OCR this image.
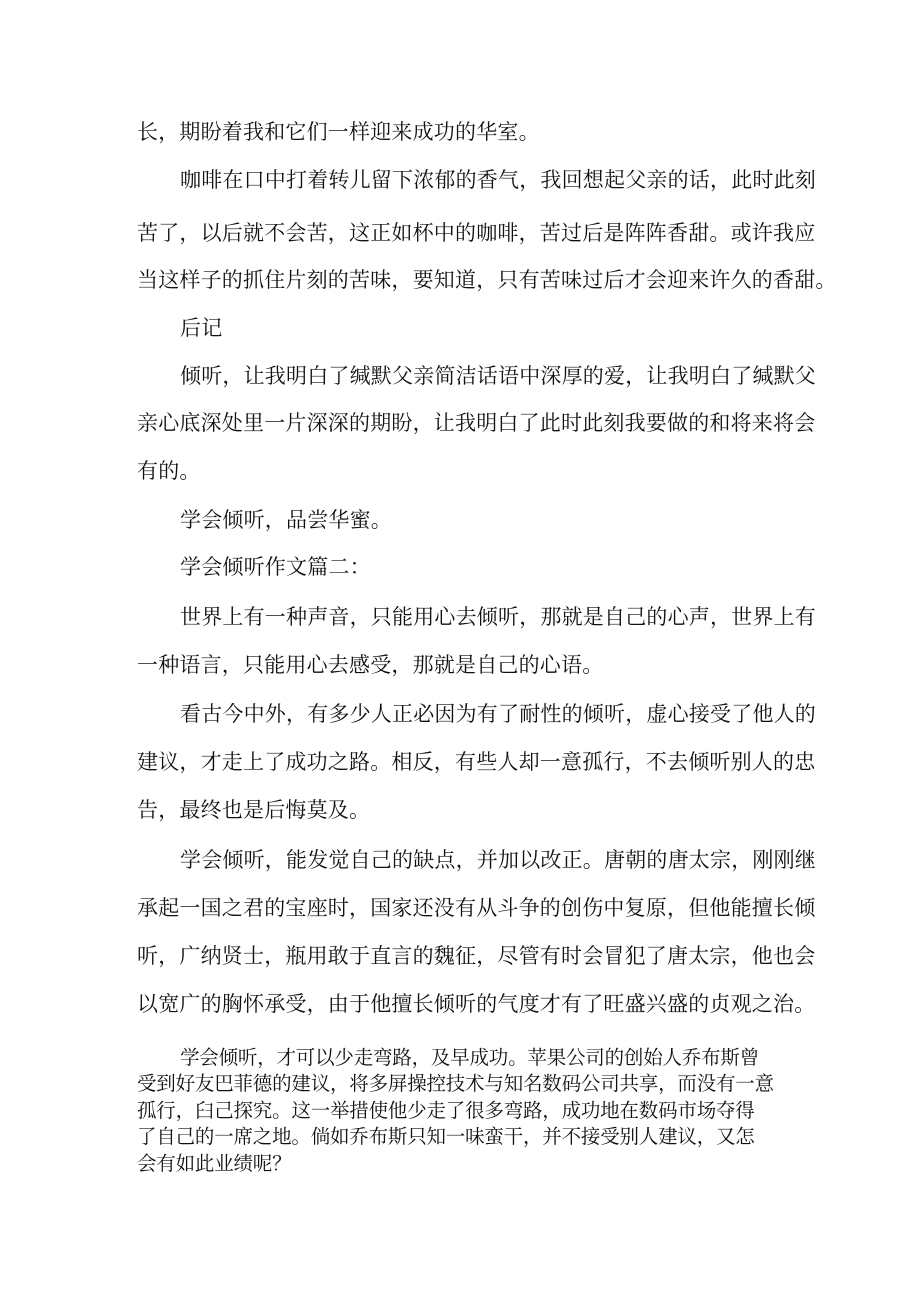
长，期盼着我和它们一样迎来成功的华室。
咖啡在口中打着转儿留下浓郁的香气，我回想起父亲的话，此时此刻
苦了，以后就不会苦，这正如杯中的咖啡，苦过后是阵阵香甜。或许我应
当这样子的抓住片刻的苦味，要知道，只有苦味过后才会迎来许久的香甜。
后记
倾听，让我明白了缄默父亲简洁话语中深厚的爱，让我明白了缄默父
亲心底深处里一片深深的期盼，让我明白了此时此刻我要做的和将来将会
有的。
学会倾听，品尝华蜜。
学会倾听作文篇二：
世界上有一种声音，只能用心去倾听，那就是自己的心声，世界上有
一种语言，只能用心去感受，那就是自己的心语。
看古今中外，有多少人正必因为有了耐性的倾听，虚心接受了他人的
建议，才走上了成功之路。相反，有些人却一意孤行，不去倾听别人的忠
告，最终也是后悔莫及。
学会倾听，能发觉自己的缺点，并加以改正。唐朝的唐太宗，刚刚继
承起一国之君的宝座时，国家还没有从斗争的创伤中复原，但他能擅长倾
听，广纳贤士，瓶用敢于直言的魏征，尽管有时会冒犯了唐太宗，他也会
以宽广的胸怀承受，由于他擅长倾听的气度才有了旺盛兴盛的贞观之治。
学会倾听，才可以少走弯路，及早成功。苹果公司的创始人乔布斯曾
受到好友巴菲德的建议，将多屏操控技术与知名数码公司共享，而没有一意
孤行，臼己探究。这一举措使他少走了很多弯路，成功地在数码市场夺得
了自己的一席之地。倘如乔布斯只知一味蛮干，并不接受别人建议，又怎
会有如此业绩呢？
